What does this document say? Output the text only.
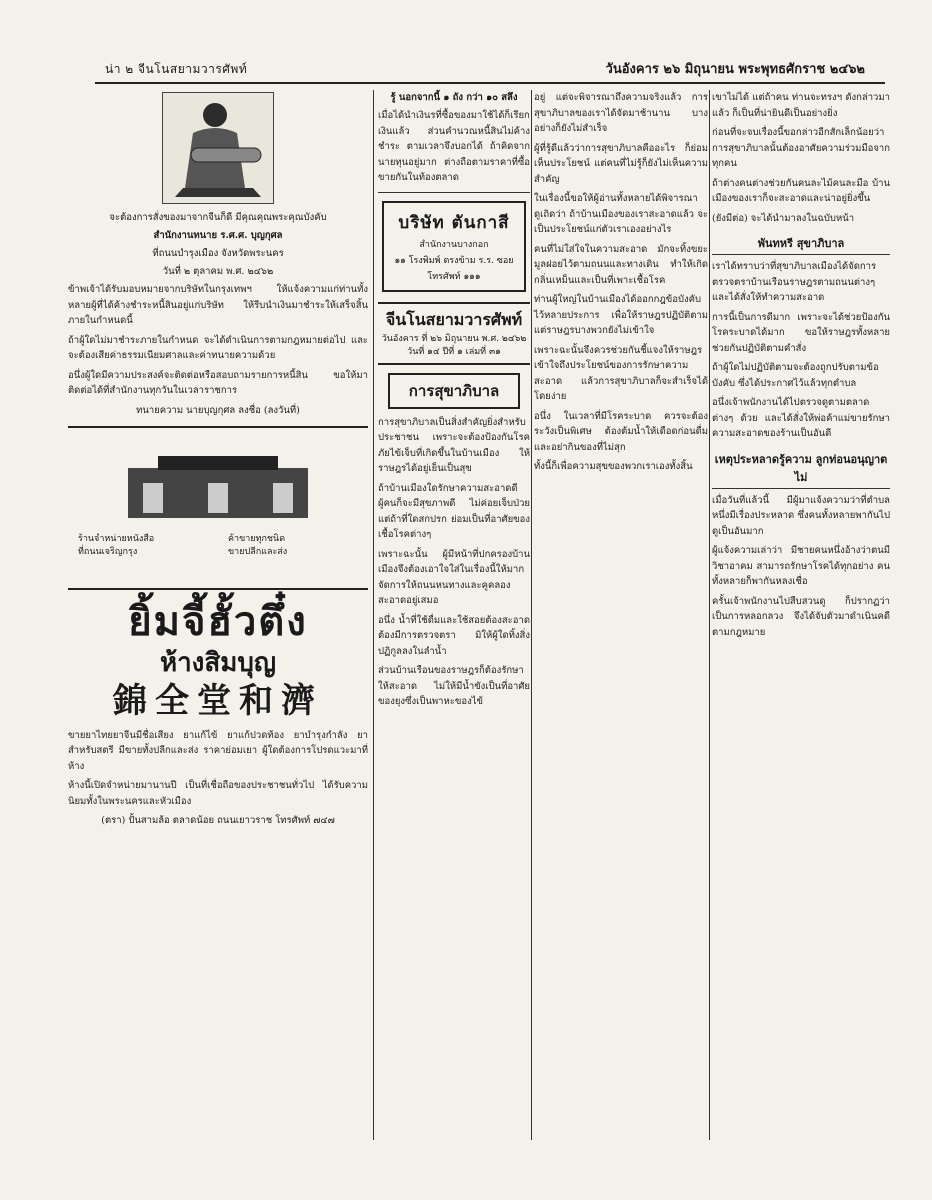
น่า ๒ จีนโนสยามวารศัพท์	วันอังคาร ๒๖ มิถุนายน พระพุทธศักราช ๒๔๖๒

จะต้องการสั่งของมาจากจีนก็ดี มีคุณคุณพระคุณบังคับ

สำนักงานทนาย ร.ศ.ศ. บุญกุศล

ที่ถนนบำรุงเมือง จังหวัดพระนคร

วันที่ ๒ ตุลาคม พ.ศ. ๒๔๖๒

ข้าพเจ้าได้รับมอบหมายจากบริษัทในกรุงเทพฯ ให้แจ้งความแก่ท่านทั้งหลายผู้ที่ได้ค้างชำระหนี้สินอยู่แก่บริษัท ให้รีบนำเงินมาชำระให้เสร็จสิ้นภายในกำหนดนี้

ถ้าผู้ใดไม่มาชำระภายในกำหนด จะได้ดำเนินการตามกฎหมายต่อไป และจะต้องเสียค่าธรรมเนียมศาลและค่าทนายความด้วย

อนึ่งผู้ใดมีความประสงค์จะติดต่อหรือสอบถามรายการหนี้สิน ขอให้มาติดต่อได้ที่สำนักงานทุกวันในเวลาราชการ

ทนายความ นายบุญกุศล ลงชื่อ (ลงวันที่)

ร้านจำหน่ายหนังสือ
ที่ถนนเจริญกรุง
ค้าขายทุกชนิด
ขายปลีกและส่ง
ยิ้มจี้ฮั้วตึ๋ง
ห้างสิมบุญ
錦全堂和濟

ขายยาไทยยาจีนมีชื่อเสียง ยาแก้ไข้ ยาแก้ปวดท้อง ยาบำรุงกำลัง ยาสำหรับสตรี มีขายทั้งปลีกและส่ง ราคาย่อมเยา ผู้ใดต้องการโปรดแวะมาที่ห้าง

ห้างนี้เปิดจำหน่ายมานานปี เป็นที่เชื่อถือของประชาชนทั่วไป ได้รับความนิยมทั้งในพระนครและหัวเมือง

(ตรา) ปั้นสามล้อ ตลาดน้อย ถนนเยาวราช โทรศัพท์ ๗๔๗

รู้ นอกจากนี้ ๑ ถัง กว่า ๑๐ สลึง

เมื่อได้นำเงินรที่ซื้อของมาใช้ได้ก็เรียกเงินแล้ว ส่วนคำนวณหนี้สินไม่ค้างชำระ ตามเวลาจึงบอกได้ ถ้าคิดจากนายทุนอยู่มาก ต่างถือตามราคาที่ซื้อขายกันในท้องตลาด

บริษัท ตันกาสี
สำนักงานบางกอก
๑๑ โรงพิมพ์ ตรงข้าม ร.ร. ซอย
โทรศัพท์ ๑๑๑
จีนโนสยามวารศัพท์
วันอังคาร ที่ ๒๖ มิถุนายน พ.ศ. ๒๔๖๒
วันที่ ๑๔ ปีที่ ๑ เล่มที่ ๓๑
การสุขาภิบาล

การสุขาภิบาลเป็นสิ่งสำคัญยิ่งสำหรับประชาชน เพราะจะต้องป้องกันโรคภัยไข้เจ็บที่เกิดขึ้นในบ้านเมือง ให้ราษฎรได้อยู่เย็นเป็นสุข

ถ้าบ้านเมืองใดรักษาความสะอาดดี ผู้คนก็จะมีสุขภาพดี ไม่ค่อยเจ็บป่วย แต่ถ้าที่ใดสกปรก ย่อมเป็นที่อาศัยของเชื้อโรคต่างๆ

เพราะฉะนั้น ผู้มีหน้าที่ปกครองบ้านเมืองจึงต้องเอาใจใส่ในเรื่องนี้ให้มาก จัดการให้ถนนหนทางและคูคลองสะอาดอยู่เสมอ

อนึ่ง น้ำที่ใช้ดื่มและใช้สอยต้องสะอาด ต้องมีการตรวจตรา มิให้ผู้ใดทิ้งสิ่งปฏิกูลลงในลำน้ำ

ส่วนบ้านเรือนของราษฎรก็ต้องรักษาให้สะอาด ไม่ให้มีน้ำขังเป็นที่อาศัยของยุงซึ่งเป็นพาหะของไข้

อยู่ แต่จะพิจารณาถึงความจริงแล้ว การสุขาภิบาลของเราได้จัดมาช้านาน บางอย่างก็ยังไม่สำเร็จ

ผู้ที่รู้ดีแล้วว่าการสุขาภิบาลคืออะไร ก็ย่อมเห็นประโยชน์ แต่คนที่ไม่รู้ก็ยังไม่เห็นความสำคัญ

ในเรื่องนี้ขอให้ผู้อ่านทั้งหลายได้พิจารณาดูเถิดว่า ถ้าบ้านเมืองของเราสะอาดแล้ว จะเป็นประโยชน์แก่ตัวเราเองอย่างไร

คนที่ไม่ใส่ใจในความสะอาด มักจะทิ้งขยะมูลฝอยไว้ตามถนนและทางเดิน ทำให้เกิดกลิ่นเหม็นและเป็นที่เพาะเชื้อโรค

ท่านผู้ใหญ่ในบ้านเมืองได้ออกกฎข้อบังคับไว้หลายประการ เพื่อให้ราษฎรปฏิบัติตาม แต่ราษฎรบางพวกยังไม่เข้าใจ

เพราะฉะนั้นจึงควรช่วยกันชี้แจงให้ราษฎรเข้าใจถึงประโยชน์ของการรักษาความสะอาด แล้วการสุขาภิบาลก็จะสำเร็จได้โดยง่าย

อนึ่ง ในเวลาที่มีโรคระบาด ควรจะต้องระวังเป็นพิเศษ ต้องต้มน้ำให้เดือดก่อนดื่ม และอย่ากินของที่ไม่สุก

ทั้งนี้ก็เพื่อความสุขของพวกเราเองทั้งสิ้น

เขาไม่ได้ แต่ถ้าคน ท่านจะทรงฯ ดังกล่าวมาแล้ว ก็เป็นที่น่ายินดีเป็นอย่างยิ่ง

ก่อนที่จะจบเรื่องนี้ขอกล่าวอีกสักเล็กน้อยว่า การสุขาภิบาลนั้นต้องอาศัยความร่วมมือจากทุกคน

ถ้าต่างคนต่างช่วยกันคนละไม้คนละมือ บ้านเมืองของเราก็จะสะอาดและน่าอยู่ยิ่งขึ้น

(ยังมีต่อ) จะได้นำมาลงในฉบับหน้า

พันทหรี สุขาภิบาล

เราได้ทราบว่าที่สุขาภิบาลเมืองได้จัดการตรวจตราบ้านเรือนราษฎรตามถนนต่างๆ และได้สั่งให้ทำความสะอาด

การนี้เป็นการดีมาก เพราะจะได้ช่วยป้องกันโรคระบาดได้มาก ขอให้ราษฎรทั้งหลายช่วยกันปฏิบัติตามคำสั่ง

ถ้าผู้ใดไม่ปฏิบัติตามจะต้องถูกปรับตามข้อบังคับ ซึ่งได้ประกาศไว้แล้วทุกตำบล

อนึ่งเจ้าพนักงานได้ไปตรวจดูตามตลาดต่างๆ ด้วย และได้สั่งให้พ่อค้าแม่ขายรักษาความสะอาดของร้านเป็นอันดี

เหตุประหลาดรู้ความ ลูกท่อนอนุญาตไม่

เมื่อวันที่แล้วนี้ มีผู้มาแจ้งความว่าที่ตำบลหนึ่งมีเรื่องประหลาด ซึ่งคนทั้งหลายพากันไปดูเป็นอันมาก

ผู้แจ้งความเล่าว่า มีชายคนหนึ่งอ้างว่าตนมีวิชาอาคม สามารถรักษาโรคได้ทุกอย่าง คนทั้งหลายก็พากันหลงเชื่อ

ครั้นเจ้าพนักงานไปสืบสวนดู ก็ปรากฏว่าเป็นการหลอกลวง จึงได้จับตัวมาดำเนินคดีตามกฎหมาย
